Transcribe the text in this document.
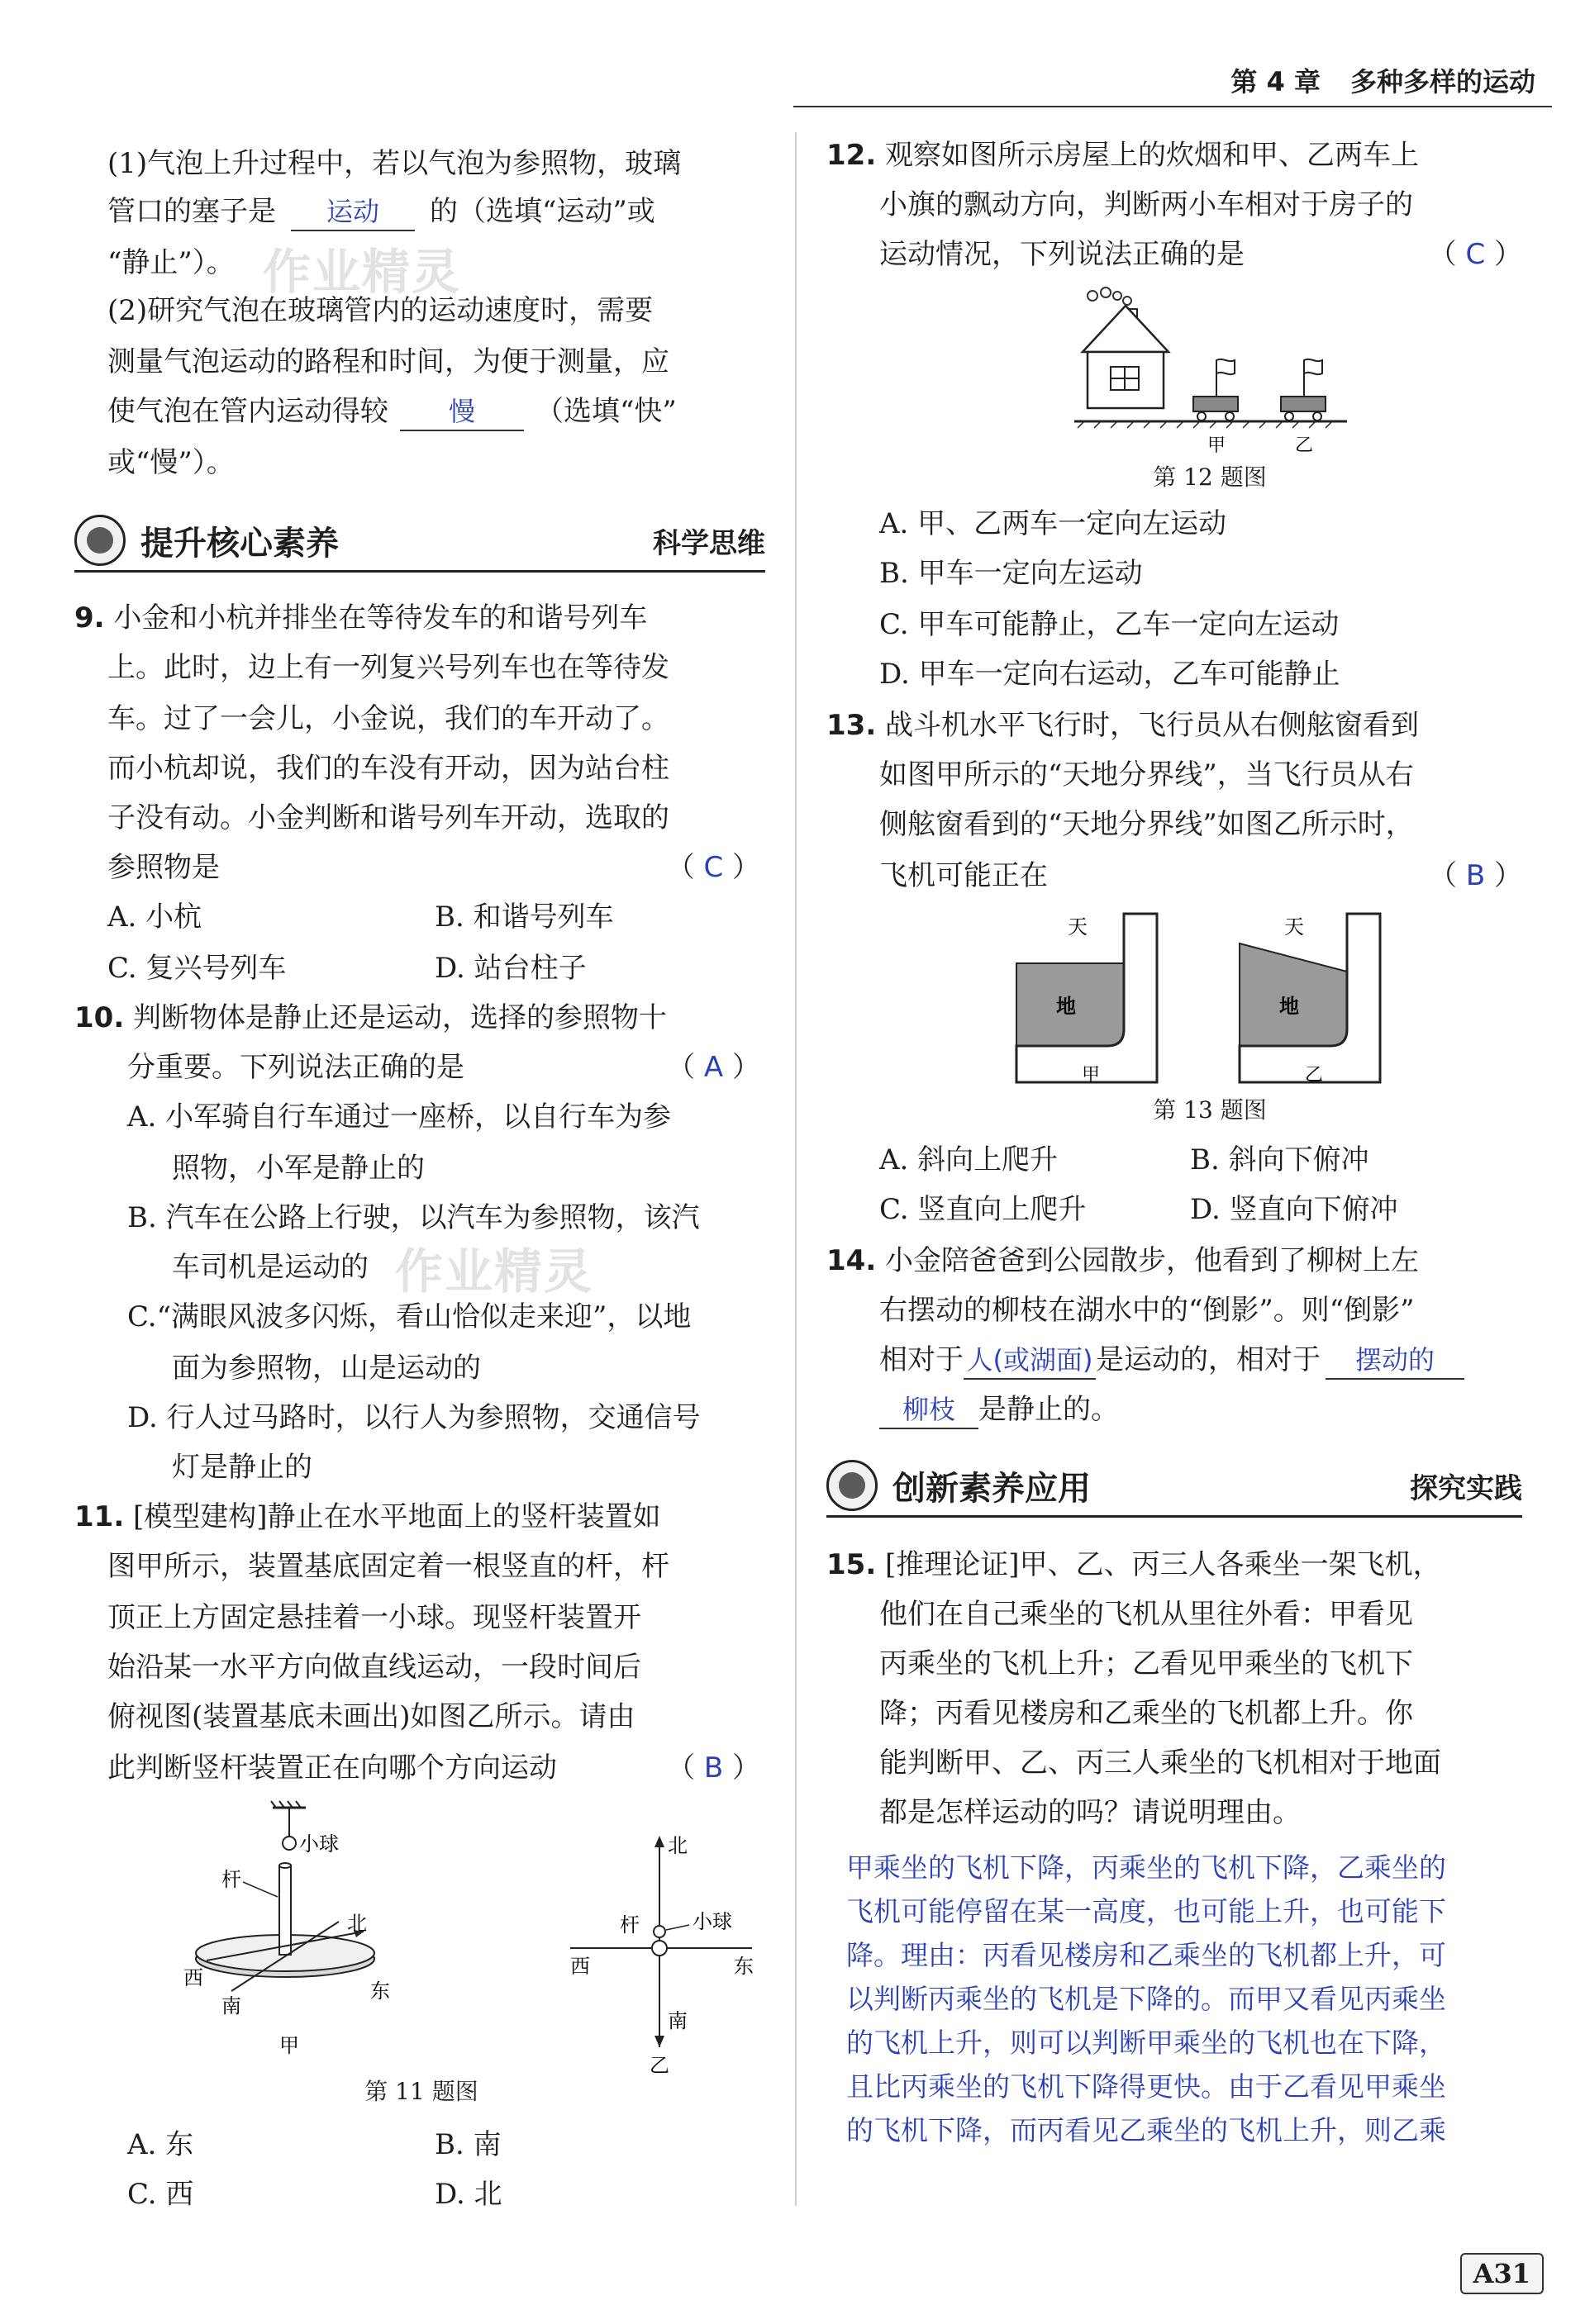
第 4 章 多种多样的运动
作业精灵
作业精灵
(1)气泡上升过程中，若以气泡为参照物，玻璃
管口的塞子是 运动 的（选填“运动”或
“静止”）。
(2)研究气泡在玻璃管内的运动速度时，需要
测量气泡运动的路程和时间，为便于测量，应
使气泡在管内运动得较 慢 （选填“快”
或“慢”）。
提升核心素养	科学思维
9. 小金和小杭并排坐在等待发车的和谐号列车
上。此时，边上有一列复兴号列车也在等待发
车。过了一会儿，小金说，我们的车开动了。
而小杭却说，我们的车没有开动，因为站台柱
子没有动。小金判断和谐号列车开动，选取的
参照物是	（ C ）
A. 小杭	B. 和谐号列车
C. 复兴号列车	D. 站台柱子
10. 判断物体是静止还是运动，选择的参照物十
分重要。下列说法正确的是	（ A ）
A. 小军骑自行车通过一座桥，以自行车为参
照物，小军是静止的
B. 汽车在公路上行驶，以汽车为参照物，该汽
车司机是运动的
C.“满眼风波多闪烁，看山恰似走来迎”，以地
面为参照物，山是运动的
D. 行人过马路时，以行人为参照物，交通信号
灯是静止的
11. [模型建构]静止在水平地面上的竖杆装置如
图甲所示，装置基底固定着一根竖直的杆，杆
顶正上方固定悬挂着一小球。现竖杆装置开
始沿某一水平方向做直线运动，一段时间后
俯视图(装置基底未画出)如图乙所示。请由
此判断竖杆装置正在向哪个方向运动	（ B ）
小球
杆
北
西
南
东
甲
北
南
西	东
杆	小球
乙
第 11 题图
A. 东	B. 南
C. 西	D. 北
12. 观察如图所示房屋上的炊烟和甲、乙两车上
小旗的飘动方向，判断两小车相对于房子的
运动情况，下列说法正确的是	（ C ）
甲	乙
第 12 题图
A. 甲、乙两车一定向左运动
B. 甲车一定向左运动
C. 甲车可能静止，乙车一定向左运动
D. 甲车一定向右运动，乙车可能静止
13. 战斗机水平飞行时，飞行员从右侧舷窗看到
如图甲所示的“天地分界线”，当飞行员从右
侧舷窗看到的“天地分界线”如图乙所示时，
飞机可能正在	（ B ）
天
地
甲
天
地
乙
第 13 题图
A. 斜向上爬升	B. 斜向下俯冲
C. 竖直向上爬升	D. 竖直向下俯冲
14. 小金陪爸爸到公园散步，他看到了柳树上左
右摆动的柳枝在湖水中的“倒影”。则“倒影”
相对于 人(或湖面) 是运动的，相对于 摆动的
柳枝 是静止的。
创新素养应用	探究实践
15. [推理论证]甲、乙、丙三人各乘坐一架飞机，
他们在自己乘坐的飞机从里往外看：甲看见
丙乘坐的飞机上升；乙看见甲乘坐的飞机下
降；丙看见楼房和乙乘坐的飞机都上升。你
能判断甲、乙、丙三人乘坐的飞机相对于地面
都是怎样运动的吗？请说明理由。
甲乘坐的飞机下降，丙乘坐的飞机下降，乙乘坐的
飞机可能停留在某一高度，也可能上升，也可能下
降。理由：丙看见楼房和乙乘坐的飞机都上升，可
以判断丙乘坐的飞机是下降的。而甲又看见丙乘坐
的飞机上升，则可以判断甲乘坐的飞机也在下降，
且比丙乘坐的飞机下降得更快。由于乙看见甲乘坐
的飞机下降，而丙看见乙乘坐的飞机上升，则乙乘
A31
